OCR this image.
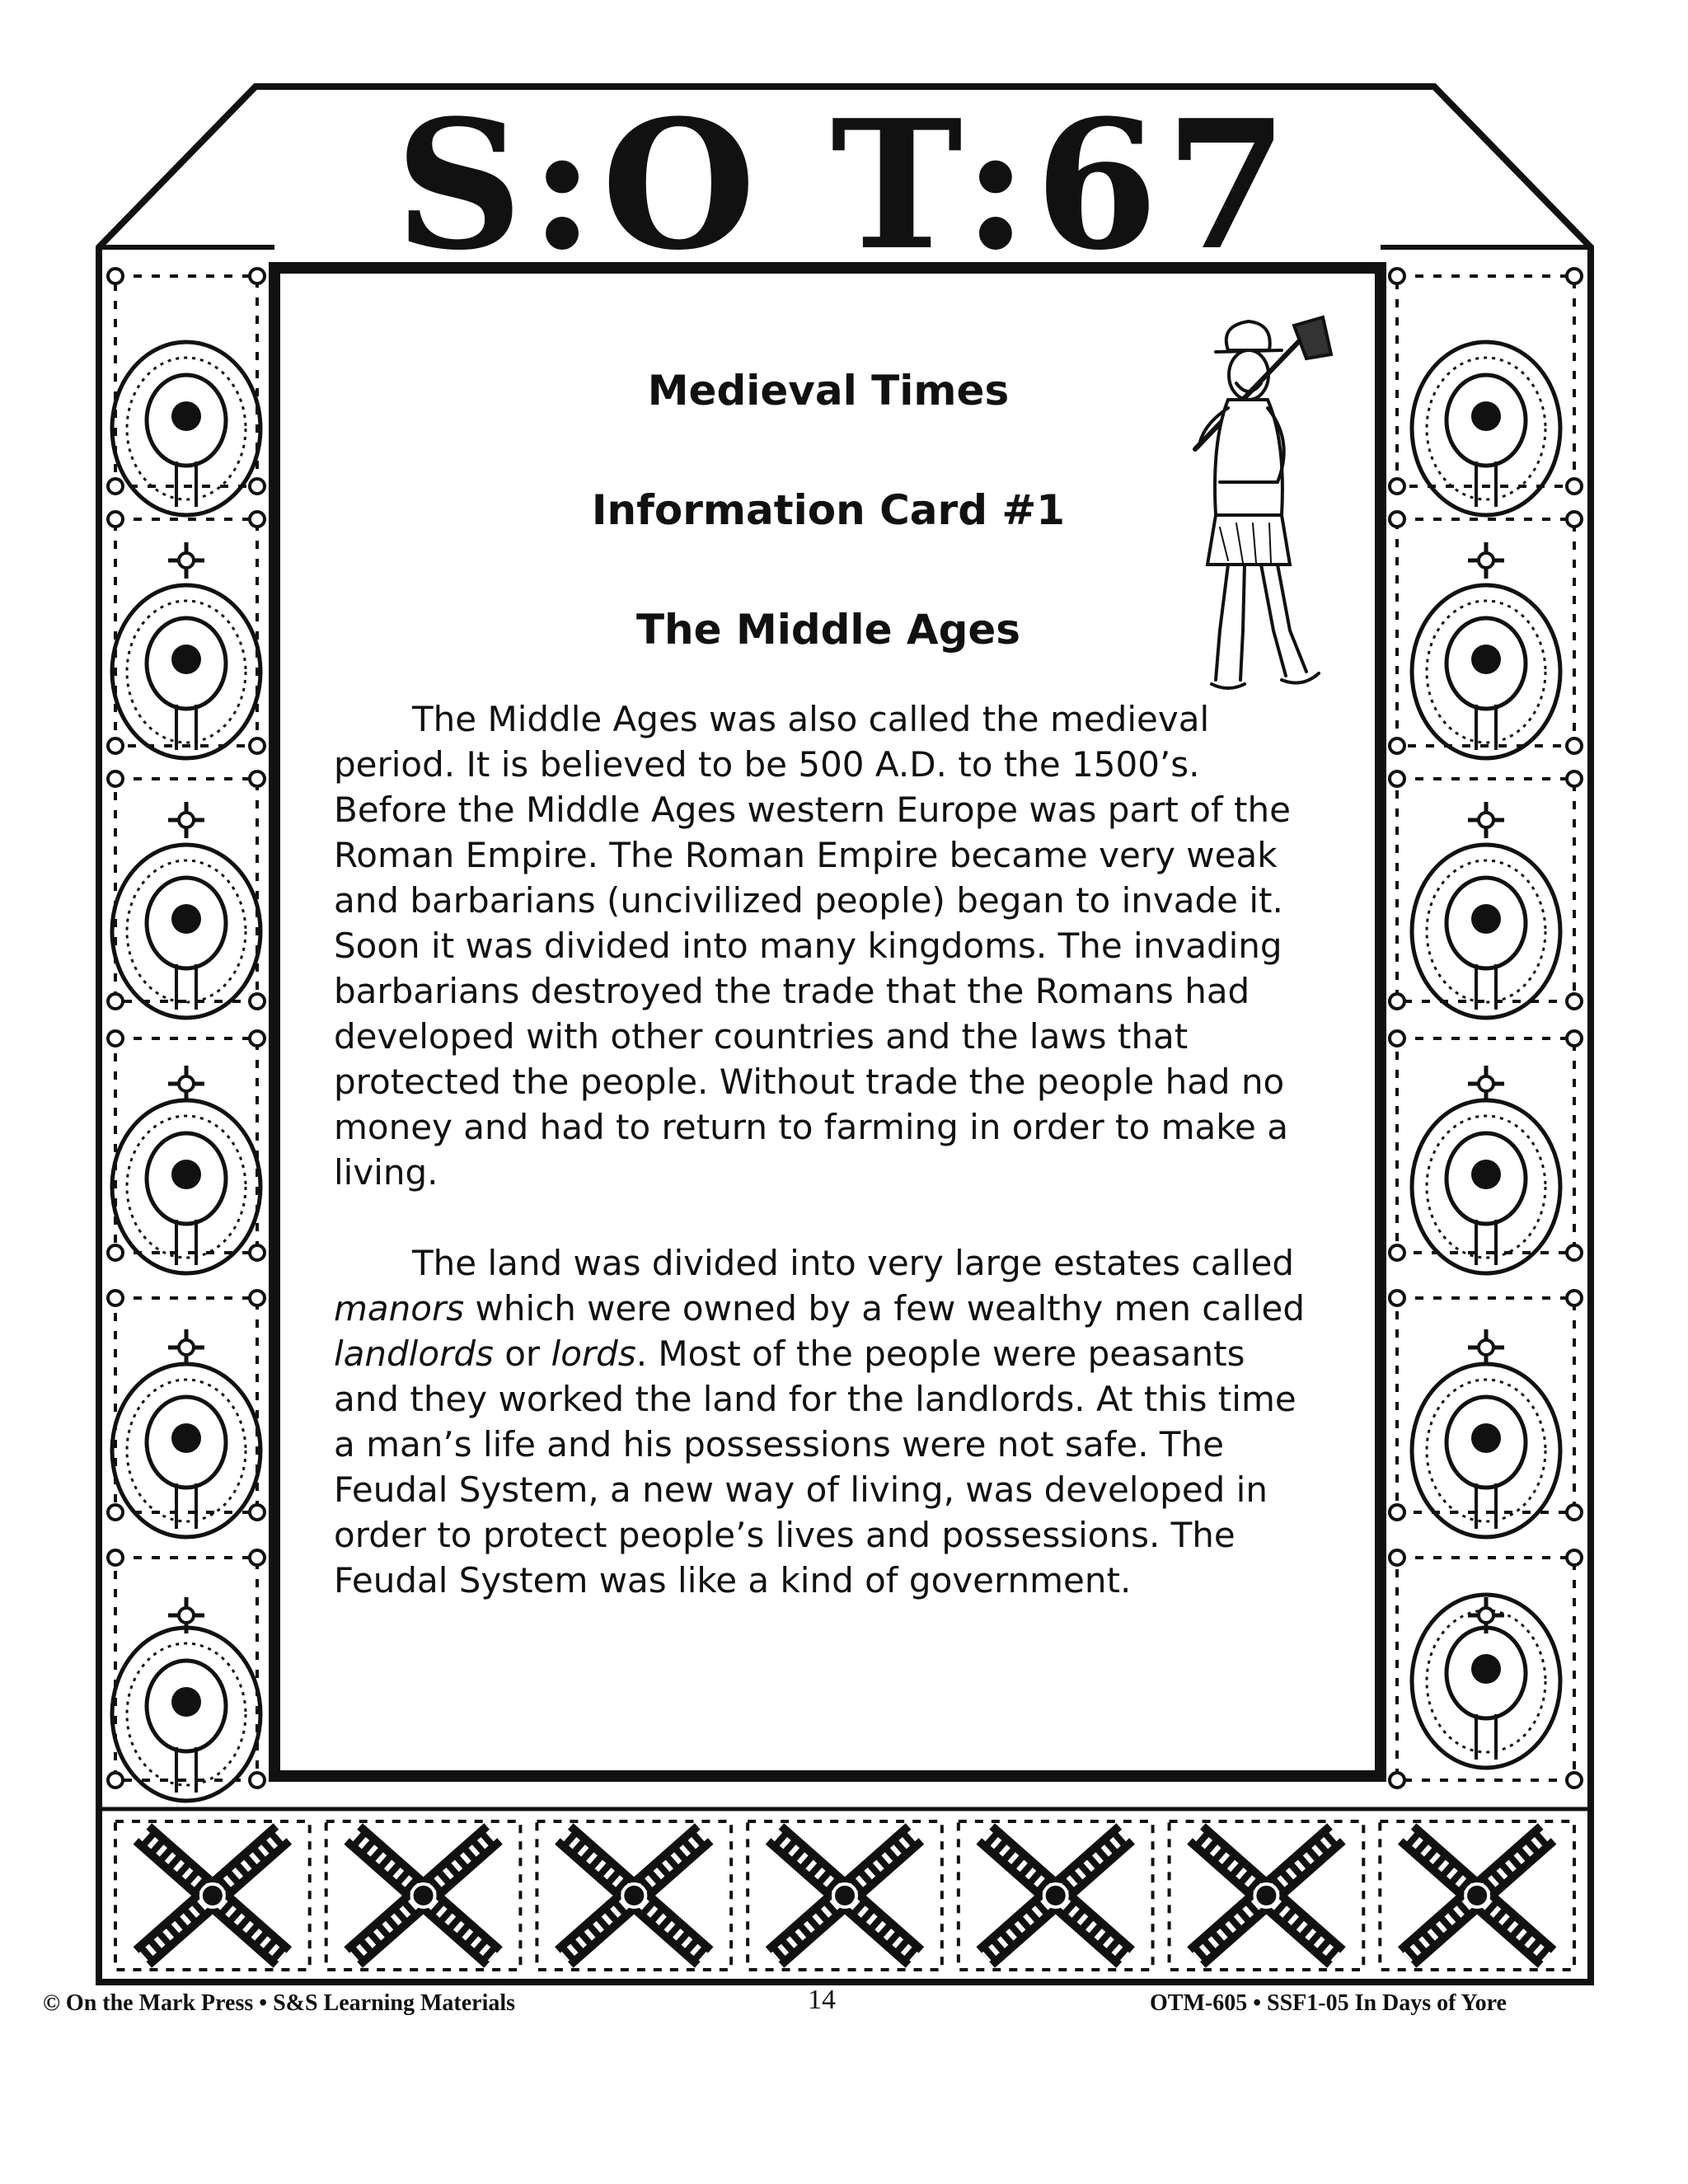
S:O T:67
Medieval Times
Information Card #1
The Middle Ages

The Middle Ages was also called the medieval period. It is believed to be 500 A.D. to the 1500’s. Before the Middle Ages western Europe was part of the Roman Empire. The Roman Empire became very weak and barbarians (uncivilized people) began to invade it. Soon it was divided into many kingdoms. The invading barbarians destroyed the trade that the Romans had developed with other countries and the laws that protected the people. Without trade the people had no money and had to return to farming in order to make a living.

The land was divided into very large estates called manors which were owned by a few wealthy men called landlords or lords. Most of the people were peasants and they worked the land for the landlords. At this time a man’s life and his possessions were not safe. The Feudal System, a new way of living, was developed in order to protect people’s lives and possessions. The Feudal System was like a kind of government.

© On the Mark Press • S&S Learning Materials	14	OTM-605 • SSF1-05 In Days of Yore
